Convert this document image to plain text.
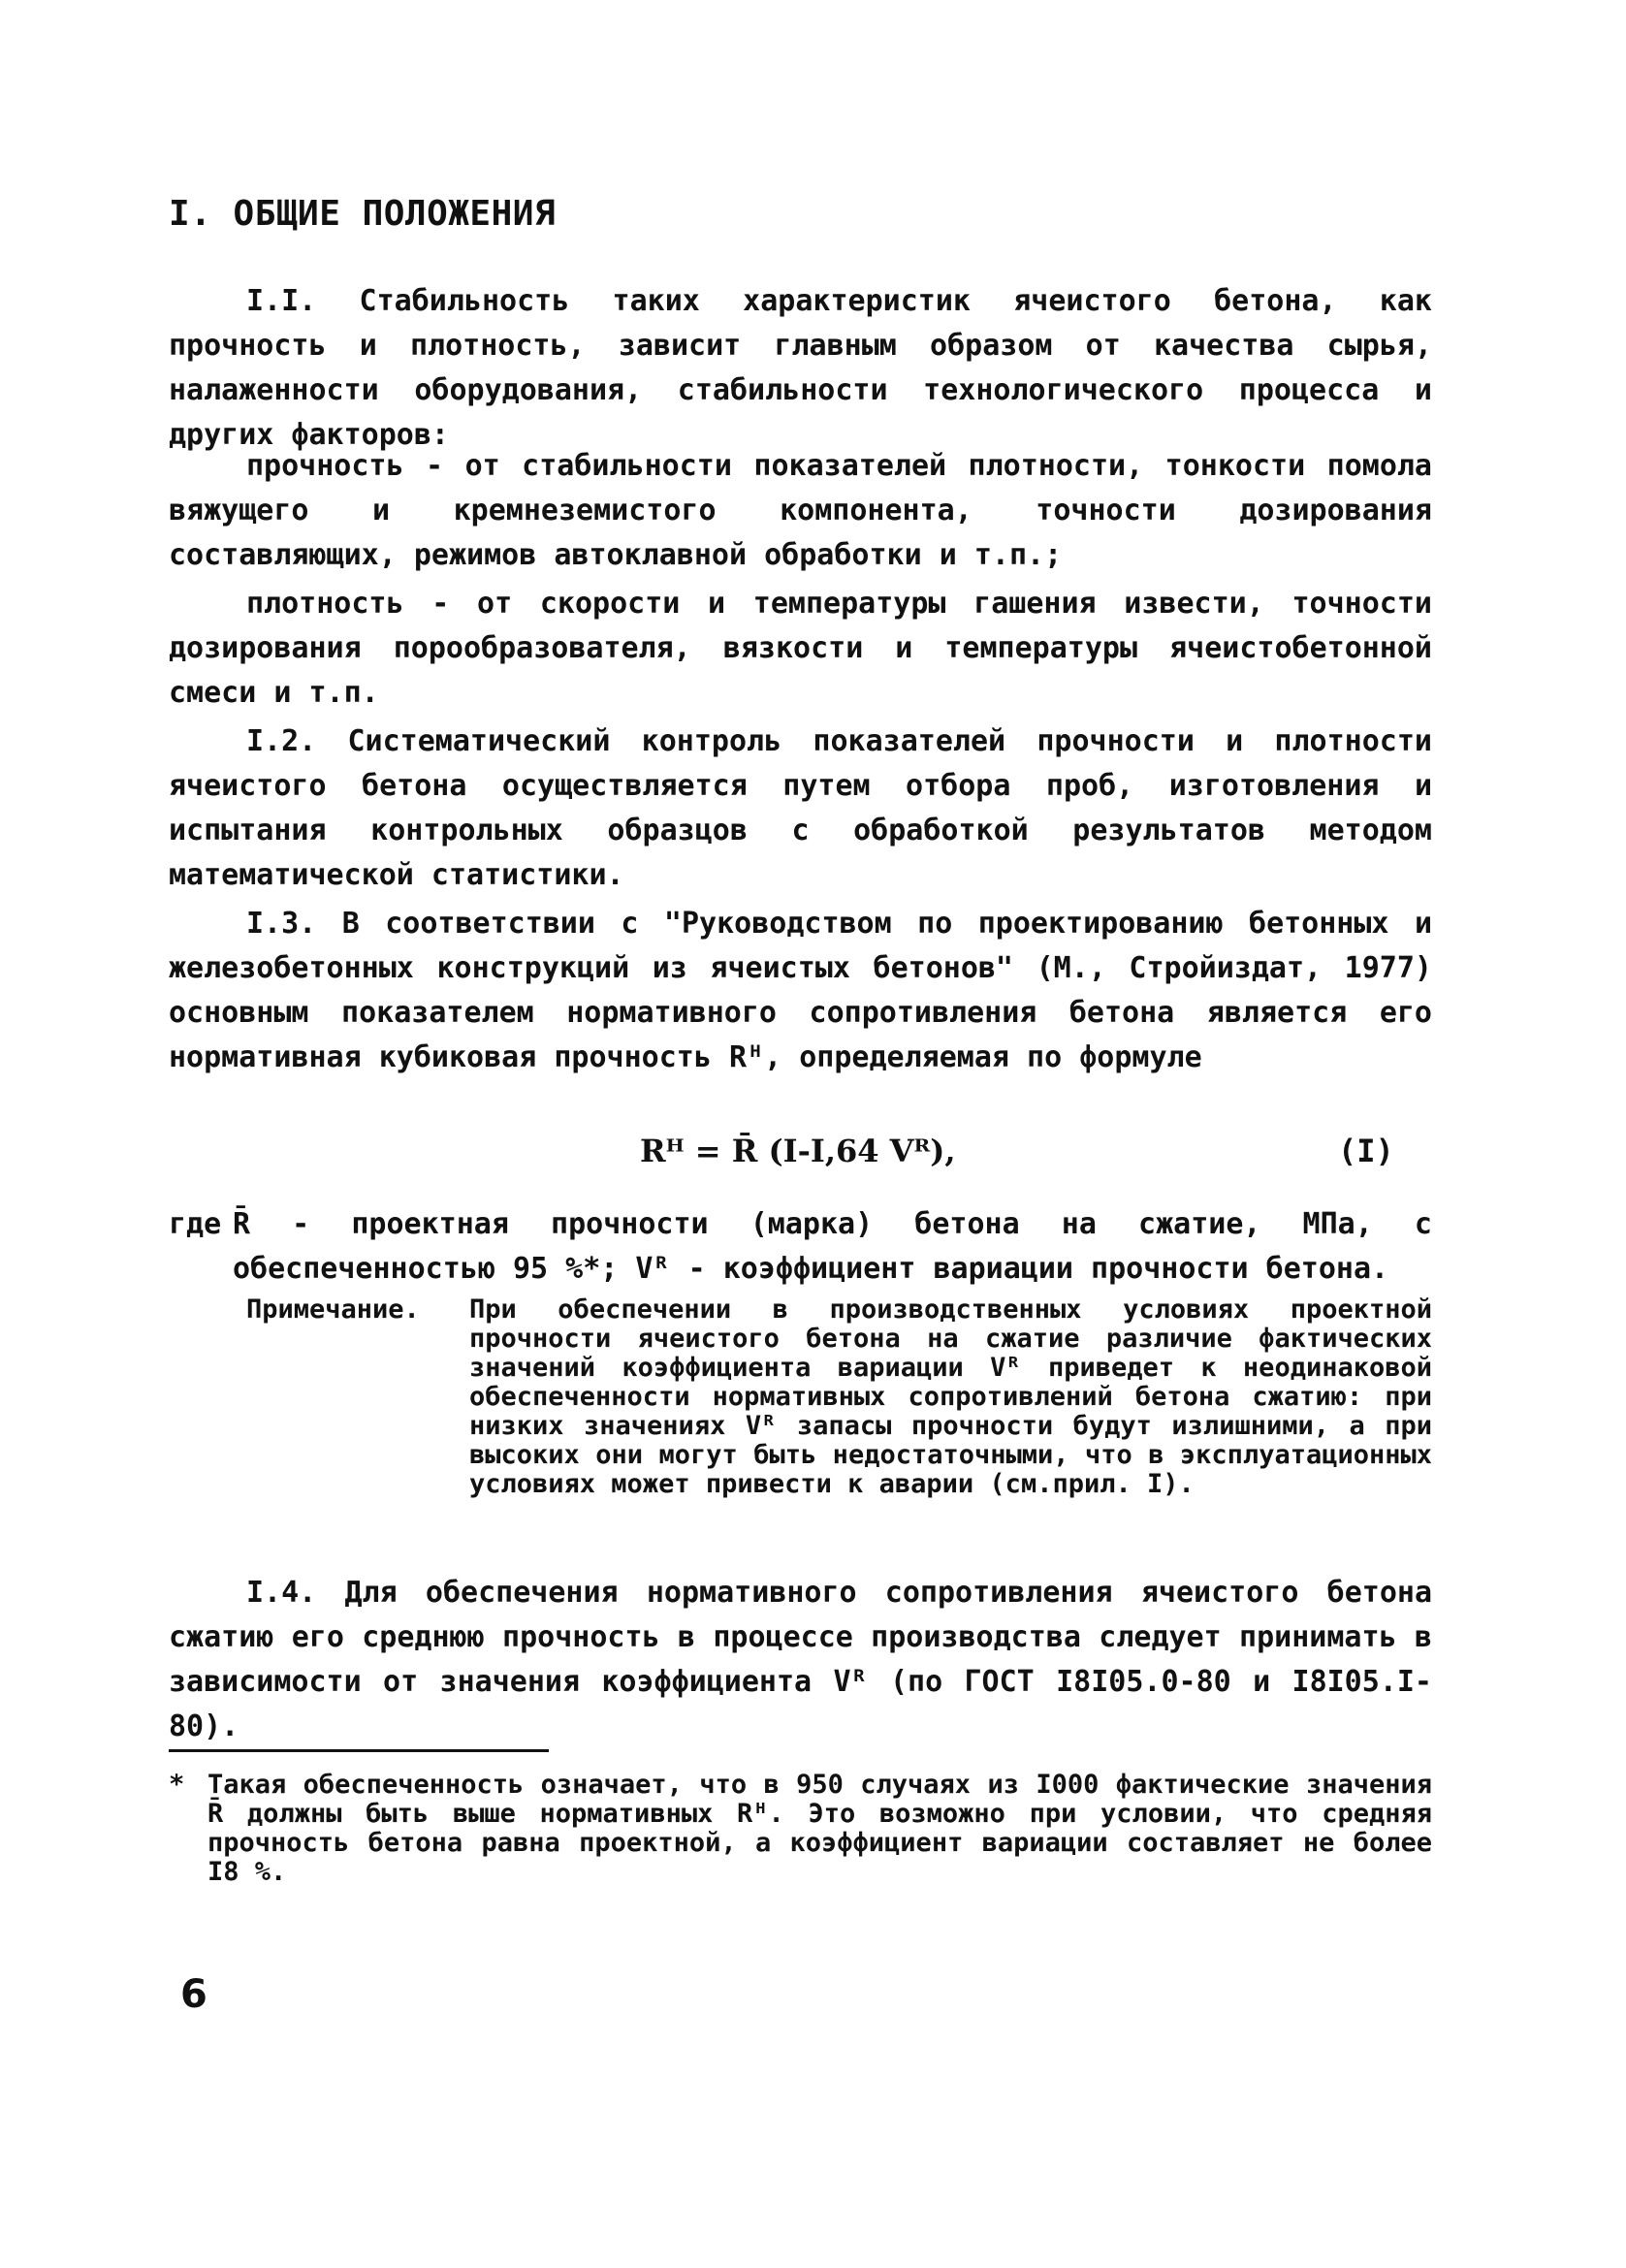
I. ОБЩИЕ ПОЛОЖЕНИЯ
I.I. Стабильность таких характеристик ячеистого бетона, как прочность и плотность, зависит главным образом от качества сырья, налаженности оборудования, стабильности технологического процесса и других факторов:
прочность - от стабильности показателей плотности, тонкости помола вяжущего и кремнеземистого компонента, точности дозирования составляющих, режимов автоклавной обработки и т.п.;
плотность - от скорости и температуры гашения извести, точности дозирования порообразователя, вязкости и температуры ячеистобетонной смеси и т.п.
I.2. Систематический контроль показателей прочности и плотности ячеистого бетона осуществляется путем отбора проб, изготовления и испытания контрольных образцов с обработкой результатов методом математической статистики.
I.3. В соответствии с "Руководством по проектированию бетонных и железобетонных конструкций из ячеистых бетонов" (М., Стройиздат, 1977) основным показателем нормативного сопротивления бетона является его нормативная кубиковая прочность Rᴴ, определяемая по формуле
Rᴴ = R̄ (I-I,64 Vᴿ),	(I)
где R̄ - проектная прочности (марка) бетона на сжатие, МПа, с обеспеченностью 95 %*; Vᴿ - коэффициент вариации прочности бетона.
Примечание. При обеспечении в производственных условиях проектной прочности ячеистого бетона на сжатие различие фактических значений коэффициента вариации Vᴿ приведет к неодинаковой обеспеченности нормативных сопротивлений бетона сжатию: при низких значениях Vᴿ запасы прочности будут излишними, а при высоких они могут быть недостаточными, что в эксплуатационных условиях может привести к аварии (см.прил. I).
I.4. Для обеспечения нормативного сопротивления ячеистого бетона сжатию его среднюю прочность в процессе производства следует принимать в зависимости от значения коэффициента Vᴿ (по ГОСТ I8I05.0-80 и I8I05.I-80).
* Такая обеспеченность означает, что в 950 случаях из I000 фактические значения R̄ должны быть выше нормативных Rᴴ. Это возможно при условии, что средняя прочность бетона равна проектной, а коэффициент вариации составляет не более I8 %.
6
